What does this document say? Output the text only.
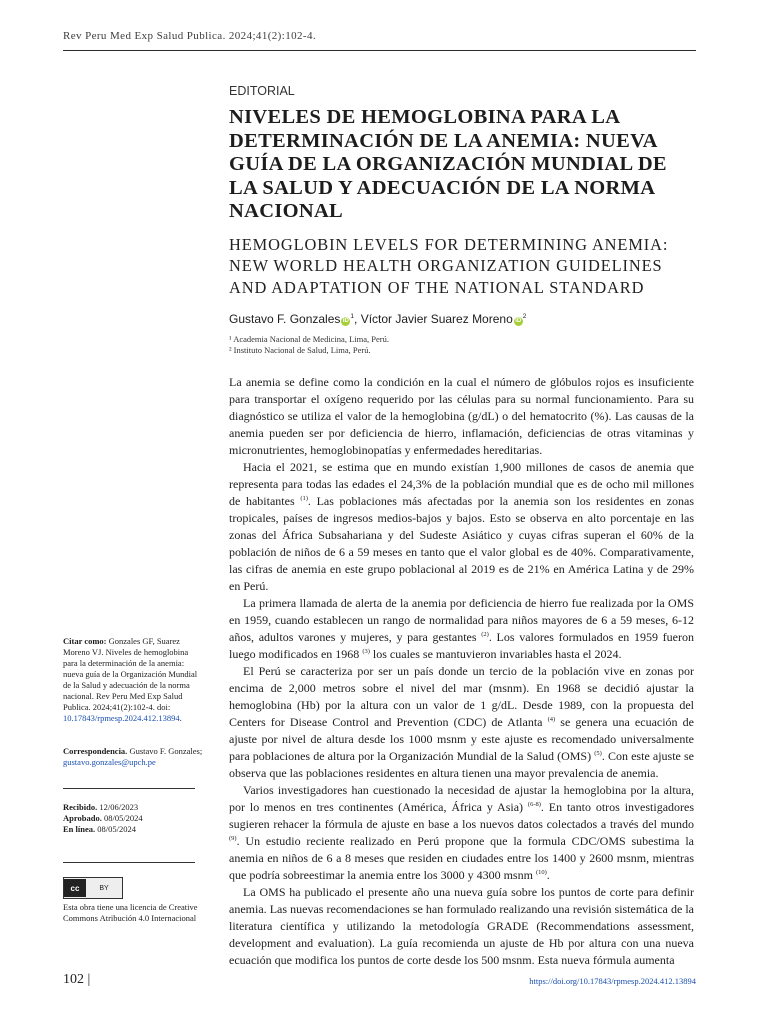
Rev Peru Med Exp Salud Publica. 2024;41(2):102-4.
EDITORIAL
NIVELES DE HEMOGLOBINA PARA LA DETERMINACIÓN DE LA ANEMIA: NUEVA GUÍA DE LA ORGANIZACIÓN MUNDIAL DE LA SALUD Y ADECUACIÓN DE LA NORMA NACIONAL
HEMOGLOBIN LEVELS FOR DETERMINING ANEMIA: NEW WORLD HEALTH ORGANIZATION GUIDELINES AND ADAPTATION OF THE NATIONAL STANDARD
Gustavo F. Gonzales $iD^1$, Víctor Javier Suarez Moreno $iD^2$
¹ Academia Nacional de Medicina, Lima, Perú.
² Instituto Nacional de Salud, Lima, Perú.

La anemia se define como la condición en la cual el número de glóbulos rojos es insuficiente para transportar el oxígeno requerido por las células para su normal funcionamiento. Para su diagnóstico se utiliza el valor de la hemoglobina (g/dL) o del hematocrito (%). Las causas de la anemia pueden ser por deficiencia de hierro, inflamación, deficiencias de otras vitaminas y micronutrientes, hemoglobinopatías y enfermedades hereditarias.

Hacia el 2021, se estima que en mundo existían 1,900 millones de casos de anemia que representa para todas las edades el 24,3% de la población mundial que es de ocho mil millones de habitantes $^{(1)}$. Las poblaciones más afectadas por la anemia son los residentes en zonas tropicales, países de ingresos medios-bajos y bajos. Esto se observa en alto porcentaje en las zonas del África Subsahariana y del Sudeste Asiático y cuyas cifras superan el 60% de la población de niños de 6 a 59 meses en tanto que el valor global es de 40%. Comparativamente, las cifras de anemia en este grupo poblacional al 2019 es de 21% en América Latina y de 29% en Perú.

La primera llamada de alerta de la anemia por deficiencia de hierro fue realizada por la OMS en 1959, cuando establecen un rango de normalidad para niños mayores de 6 a 59 meses, 6-12 años, adultos varones y mujeres, y para gestantes $^{(2)}$. Los valores formulados en 1959 fueron luego modificados en 1968 $^{(3)}$ los cuales se mantuvieron invariables hasta el 2024.

El Perú se caracteriza por ser un país donde un tercio de la población vive en zonas por encima de 2,000 metros sobre el nivel del mar (msnm). En 1968 se decidió ajustar la hemoglobina (Hb) por la altura con un valor de 1 g/dL. Desde 1989, con la propuesta del Centers for Disease Control and Prevention (CDC) de Atlanta $^{(4)}$ se genera una ecuación de ajuste por nivel de altura desde los 1000 msnm y este ajuste es recomendado universalmente para poblaciones de altura por la Organización Mundial de la Salud (OMS) $^{(5)}$. Con este ajuste se observa que las poblaciones residentes en altura tienen una mayor prevalencia de anemia.

Varios investigadores han cuestionado la necesidad de ajustar la hemoglobina por la altura, por lo menos en tres continentes (América, África y Asia) $^{(6-8)}$. En tanto otros investigadores sugieren rehacer la fórmula de ajuste en base a los nuevos datos colectados a través del mundo $^{(9)}$. Un estudio reciente realizado en Perú propone que la formula CDC/OMS subestima la anemia en niños de 6 a 8 meses que residen en ciudades entre los 1400 y 2600 msnm, mientras que podría sobreestimar la anemia entre los 3000 y 4300 msnm $^{(10)}$.

La OMS ha publicado el presente año una nueva guía sobre los puntos de corte para definir anemia. Las nuevas recomendaciones se han formulado realizando una revisión sistemática de la literatura científica y utilizando la metodología GRADE (Recommendations assessment, development and evaluation). La guía recomienda un ajuste de Hb por altura con una nueva ecuación que modifica los puntos de corte desde los 500 msnm. Esta nueva fórmula aumenta

Citar como: Gonzales GF, Suarez Moreno VJ. Niveles de hemoglobina para la determinación de la anemia: nueva guía de la Organización Mundial de la Salud y adecuación de la norma nacional. Rev Peru Med Exp Salud Publica. 2024;41(2):102-4. doi: 10.17843/rpmesp.2024.412.13894.
Correspondencia. Gustavo F. Gonzales; gustavo.gonzales@upch.pe
Recibido. 12/06/2023
Aprobado. 08/05/2024
En línea. 08/05/2024
cc	BY
Esta obra tiene una licencia de Creative Commons Atribución 4.0 Internacional
102 |	https://doi.org/10.17843/rpmesp.2024.412.13894
